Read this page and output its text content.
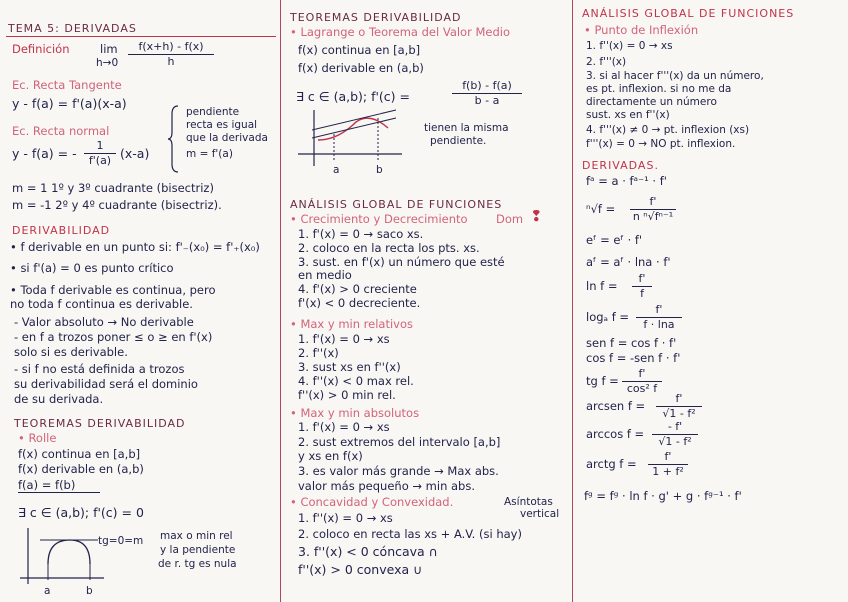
TEMA 5: DERIVADAS
Definición	lim
h→0
f(x+h) - f(x)
h
Ec. Recta Tangente
y - f(a) = f'(a)(x-a)
Ec. Recta normal
y - f(a) = -
1
f'(a) (x-a)
pendiente
recta es igual
que la derivada
m = f'(a)
m = 1 1º y 3º cuadrante (bisectriz)
m = -1 2º y 4º cuadrante (bisectriz).
DERIVABILIDAD
• f derivable en un punto si: f'₋(x₀) = f'₊(x₀)
• si f'(a) = 0 es punto crítico
• Toda f derivable es continua, pero
no toda f continua es derivable.
- Valor absoluto → No derivable
- en f a trozos poner ≤ o ≥ en f'(x)
solo si es derivable.
- si f no está definida a trozos
su derivabilidad será el dominio
de su derivada.
TEOREMAS DERIVABILIDAD
• Rolle
f(x) continua en [a,b]
f(x) derivable en (a,b)
f(a) = f(b)
∃ c ∈ (a,b); f'(c) = 0
a	b
tg=0=m max o min rel
y la pendiente
de r. tg es nula
TEOREMAS DERIVABILIDAD
• Lagrange o Teorema del Valor Medio
f(x) continua en [a,b]
f(x) derivable en (a,b)
∃ c ∈ (a,b); f'(c) =
f(b) - f(a)
b - a
a	b
tienen la misma
pendiente.
ANÁLISIS GLOBAL DE FUNCIONES
• Crecimiento y Decrecimiento Dom ❢
1. f'(x) = 0 → saco xs.
2. coloco en la recta los pts. xs.
3. sust. en f'(x) un número que esté
en medio
4. f'(x) > 0 creciente
f'(x) < 0 decreciente.
• Max y min relativos
1. f'(x) = 0 → xs
2. f''(x)
3. sust xs en f''(x)
4. f''(x) < 0 max rel.
f''(x) > 0 min rel.
• Max y min absolutos
1. f'(x) = 0 → xs
2. sust extremos del intervalo [a,b]
y xs en f(x)
3. es valor más grande → Max abs.
valor más pequeño → min abs.
• Concavidad y Convexidad.	Asíntotas
vertical
1. f''(x) = 0 → xs
2. coloco en recta las xs + A.V. (si hay)
3. f''(x) < 0 cóncava ∩
f''(x) > 0 convexa ∪
ANÁLISIS GLOBAL DE FUNCIONES
• Punto de Inflexión
1. f''(x) = 0 → xs
2. f'''(x)
3. si al hacer f'''(x) da un número,
es pt. inflexion. si no me da
directamente un número
sust. xs en f''(x)
4. f'''(x) ≠ 0 → pt. inflexion (xs)
f'''(x) = 0 → NO pt. inflexion.
DERIVADAS.
fᵃ = a · fᵃ⁻¹ · f'
ⁿ√f =
f'
n ⁿ√fⁿ⁻¹
eᶠ = eᶠ · f'
aᶠ = aᶠ · lna · f'
ln f =
f'
f
logₐ f =
f'
f · lna
sen f = cos f · f'
cos f = -sen f · f'
tg f =
f'
cos² f
arcsen f =
f'
√1 - f²
arccos f =
- f'
√1 - f²
arctg f =
f'
1 + f²
fᵍ = fᵍ · ln f · g' + g · fᵍ⁻¹ · f'
